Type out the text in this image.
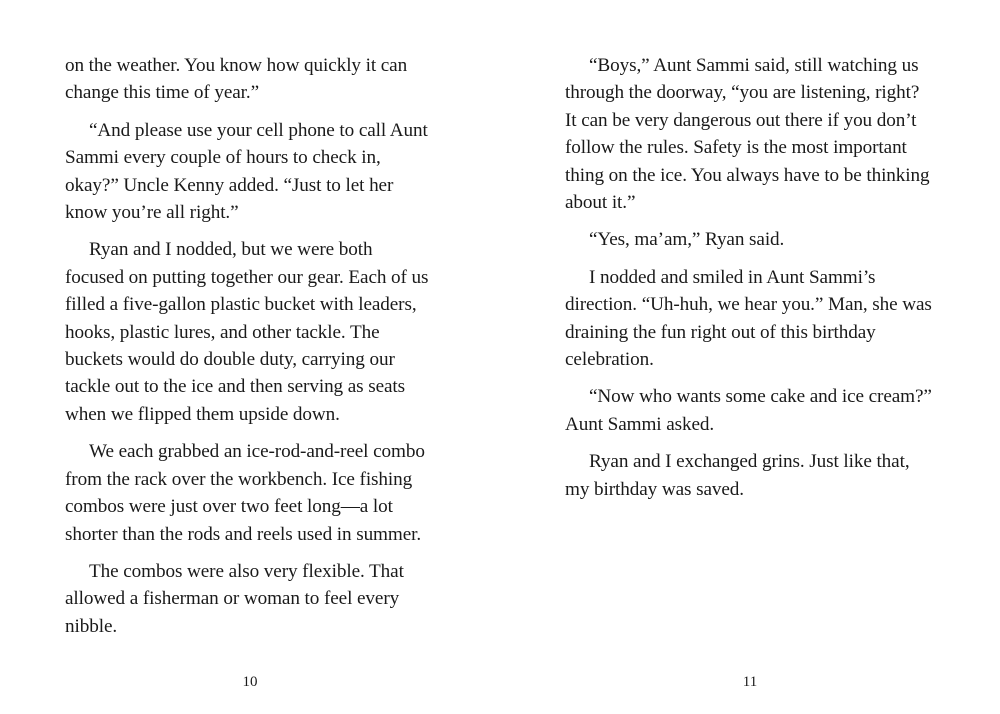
on the weather. You know how quickly it can change this time of year.”

“And please use your cell phone to call Aunt Sammi every couple of hours to check in, okay?” Uncle Kenny added. “Just to let her know you’re all right.”

Ryan and I nodded, but we were both focused on putting together our gear. Each of us filled a five-gallon plastic bucket with leaders, hooks, plastic lures, and other tackle. The buckets would do double duty, carrying our tackle out to the ice and then serving as seats when we flipped them upside down.

We each grabbed an ice-rod-and-reel combo from the rack over the workbench. Ice fishing combos were just over two feet long—a lot shorter than the rods and reels used in summer.

The combos were also very flexible. That allowed a fisherman or woman to feel every nibble.

10

“Boys,” Aunt Sammi said, still watching us through the doorway, “you are listening, right? It can be very dangerous out there if you don’t follow the rules. Safety is the most important thing on the ice. You always have to be thinking about it.”

“Yes, ma’am,” Ryan said.

I nodded and smiled in Aunt Sammi’s direction. “Uh-huh, we hear you.” Man, she was draining the fun right out of this birthday celebration.

“Now who wants some cake and ice cream?” Aunt Sammi asked.

Ryan and I exchanged grins. Just like that, my birthday was saved.

11
